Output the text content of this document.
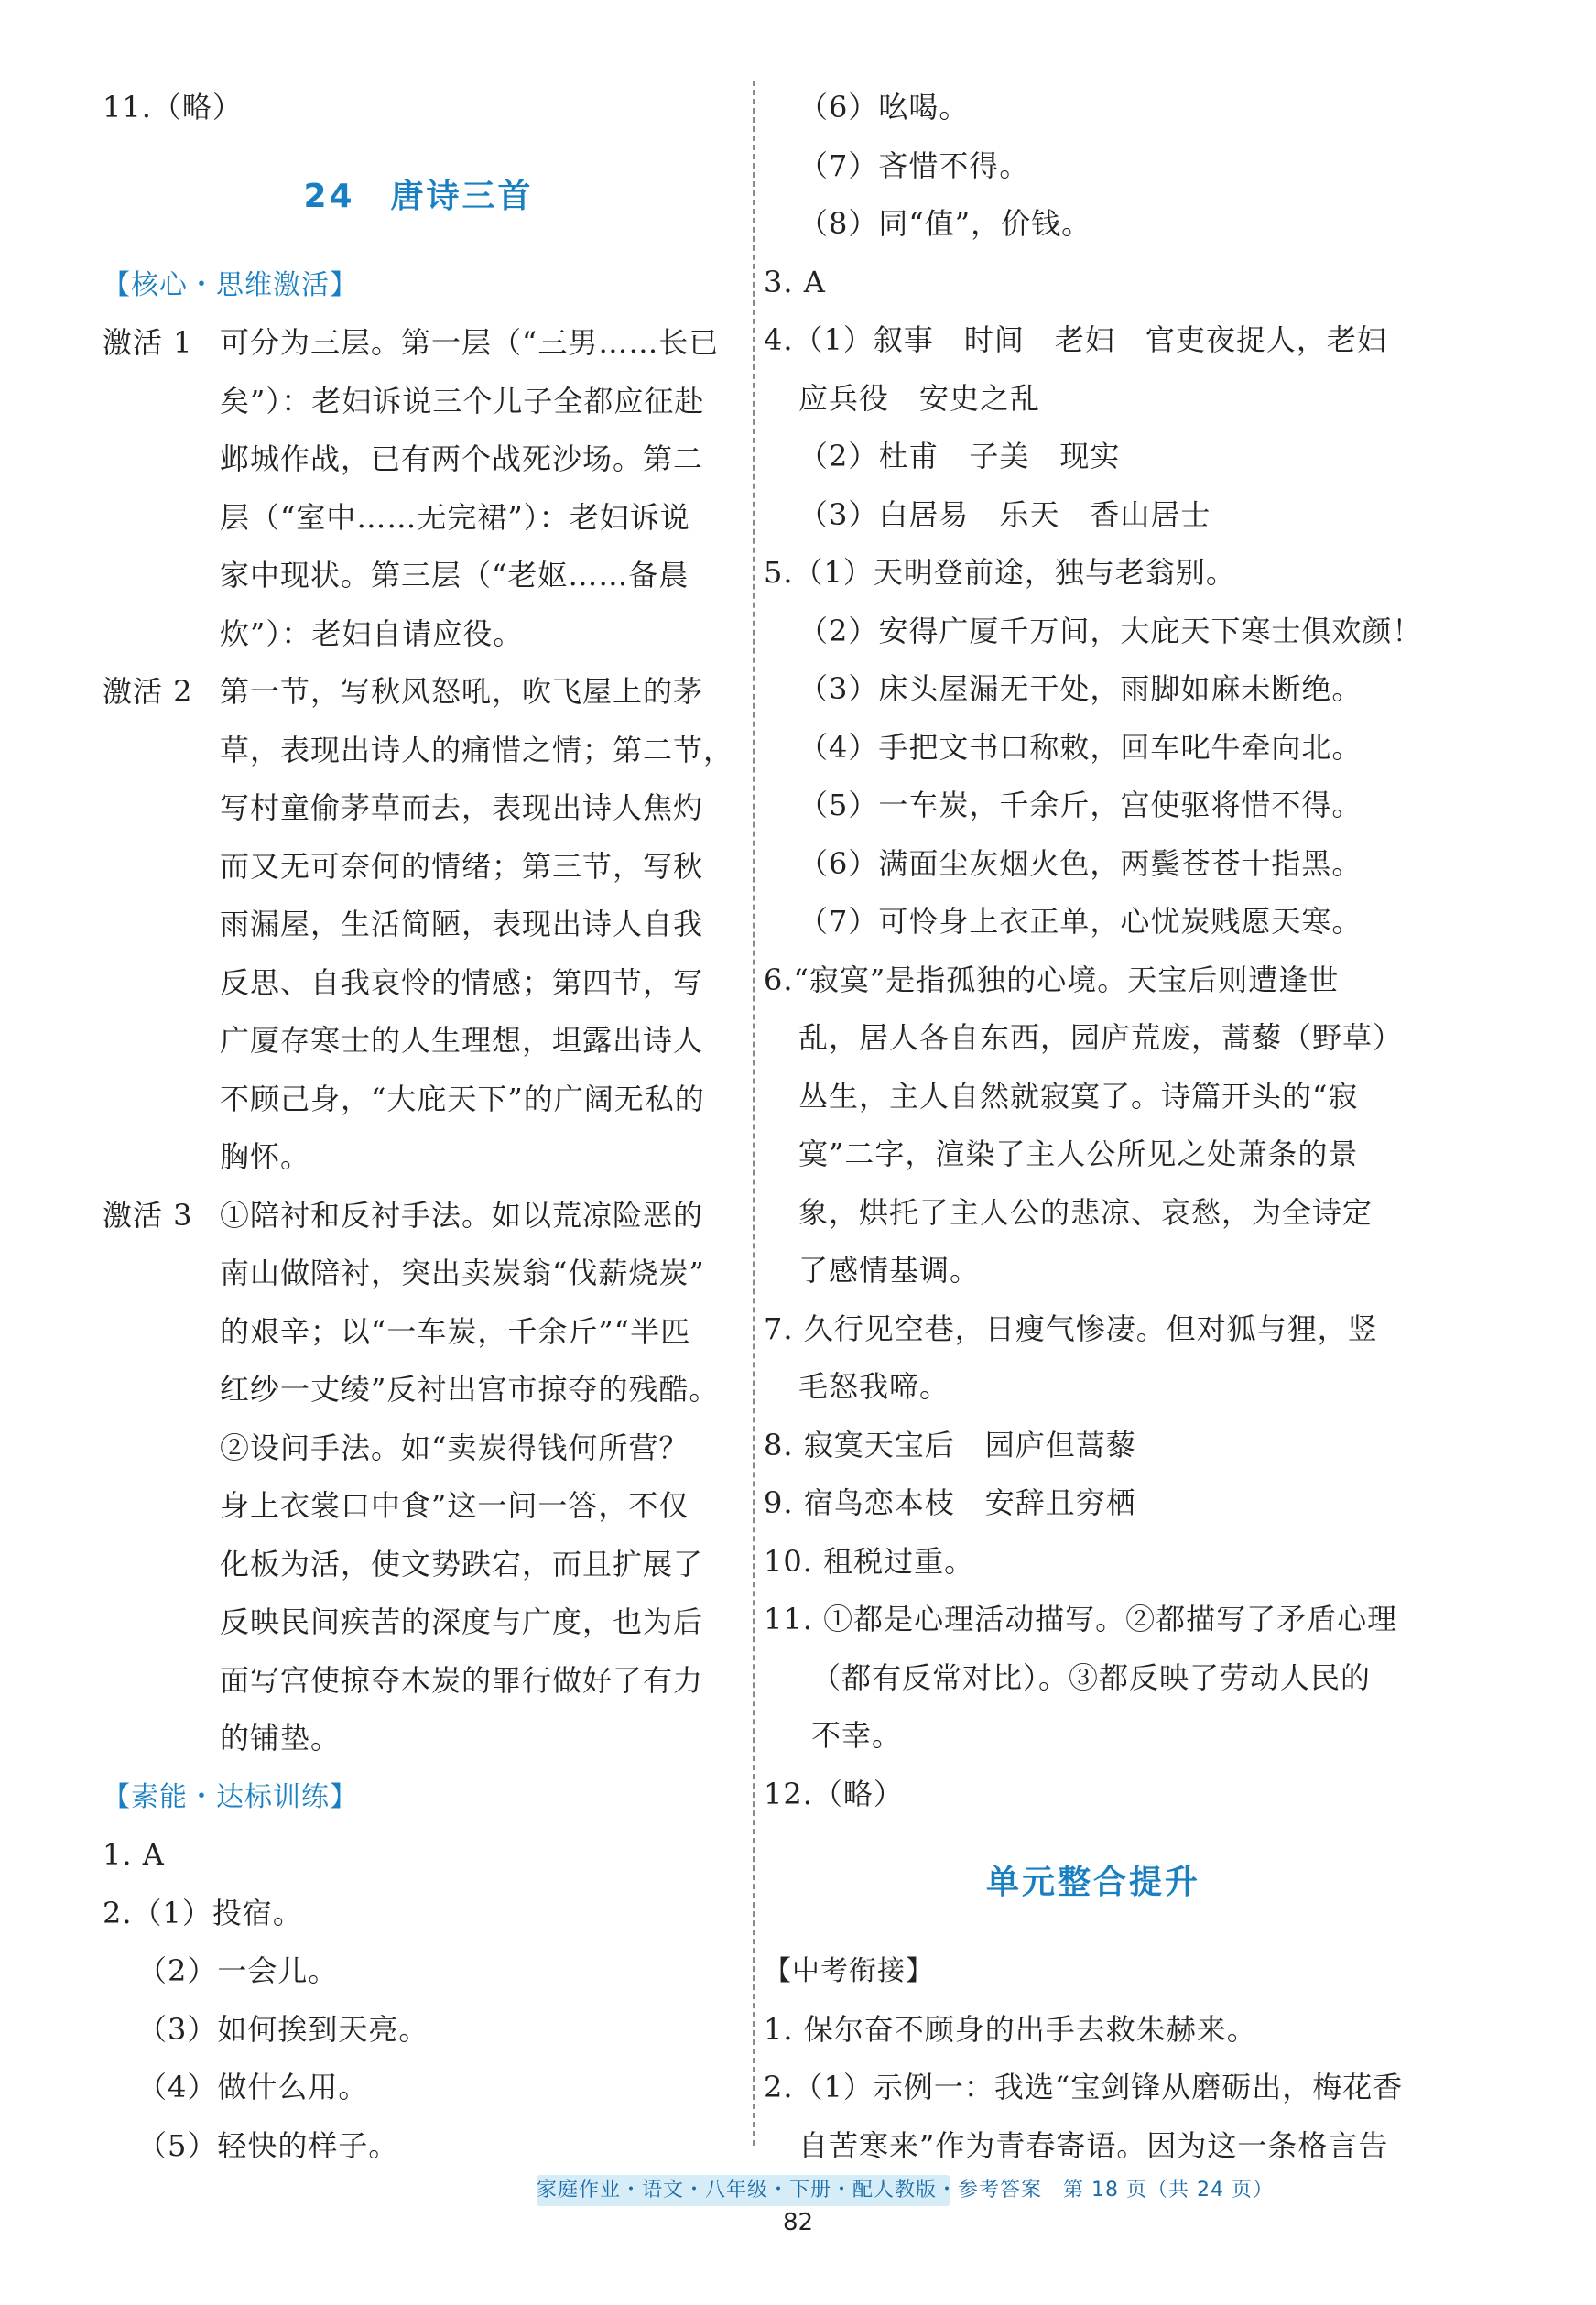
11.（略）
24　唐诗三首
【核心・思维激活】
激活 1 可分为三层。第一层（“三男……长已
矣”）：老妇诉说三个儿子全都应征赴
邺城作战，已有两个战死沙场。第二
层（“室中……无完裙”）：老妇诉说
家中现状。第三层（“老妪……备晨
炊”）：老妇自请应役。
激活 2 第一节，写秋风怒吼，吹飞屋上的茅
草，表现出诗人的痛惜之情；第二节，
写村童偷茅草而去，表现出诗人焦灼
而又无可奈何的情绪；第三节，写秋
雨漏屋，生活简陋，表现出诗人自我
反思、自我哀怜的情感；第四节，写
广厦存寒士的人生理想，坦露出诗人
不顾己身，“大庇天下”的广阔无私的
胸怀。
激活 3 ①陪衬和反衬手法。如以荒凉险恶的
南山做陪衬，突出卖炭翁“伐薪烧炭”
的艰辛；以“一车炭，千余斤”“半匹
红纱一丈绫”反衬出宫市掠夺的残酷。
②设问手法。如“卖炭得钱何所营？
身上衣裳口中食”这一问一答，不仅
化板为活，使文势跌宕，而且扩展了
反映民间疾苦的深度与广度，也为后
面写宫使掠夺木炭的罪行做好了有力
的铺垫。
【素能・达标训练】
1. A
2.（1）投宿。
（2）一会儿。
（3）如何挨到天亮。
（4）做什么用。
（5）轻快的样子。
（6）吆喝。
（7）吝惜不得。
（8）同“值”，价钱。
3. A
4.（1）叙事　时间　老妇　官吏夜捉人，老妇
应兵役　安史之乱
（2）杜甫　子美　现实
（3）白居易　乐天　香山居士
5.（1）天明登前途，独与老翁别。
（2）安得广厦千万间，大庇天下寒士俱欢颜！
（3）床头屋漏无干处，雨脚如麻未断绝。
（4）手把文书口称敕，回车叱牛牵向北。
（5）一车炭，千余斤，宫使驱将惜不得。
（6）满面尘灰烟火色，两鬓苍苍十指黑。
（7）可怜身上衣正单，心忧炭贱愿天寒。
6.“寂寞”是指孤独的心境。天宝后则遭逢世
乱，居人各自东西，园庐荒废，蒿藜（野草）
丛生，主人自然就寂寞了。诗篇开头的“寂
寞”二字，渲染了主人公所见之处萧条的景
象，烘托了主人公的悲凉、哀愁，为全诗定
了感情基调。
7. 久行见空巷，日瘦气惨凄。但对狐与狸，竖
毛怒我啼。
8. 寂寞天宝后　园庐但蒿藜
9. 宿鸟恋本枝　安辞且穷栖
10. 租税过重。
11. ①都是心理活动描写。②都描写了矛盾心理
（都有反常对比）。③都反映了劳动人民的
不幸。
12.（略）
单元整合提升
【中考衔接】
1. 保尔奋不顾身的出手去救朱赫来。
2.（1）示例一：我选“宝剑锋从磨砺出，梅花香
自苦寒来”作为青春寄语。因为这一条格言告
家庭作业・语文・八年级・下册・配人教版・参考答案　第 18 页（共 24 页）
82
